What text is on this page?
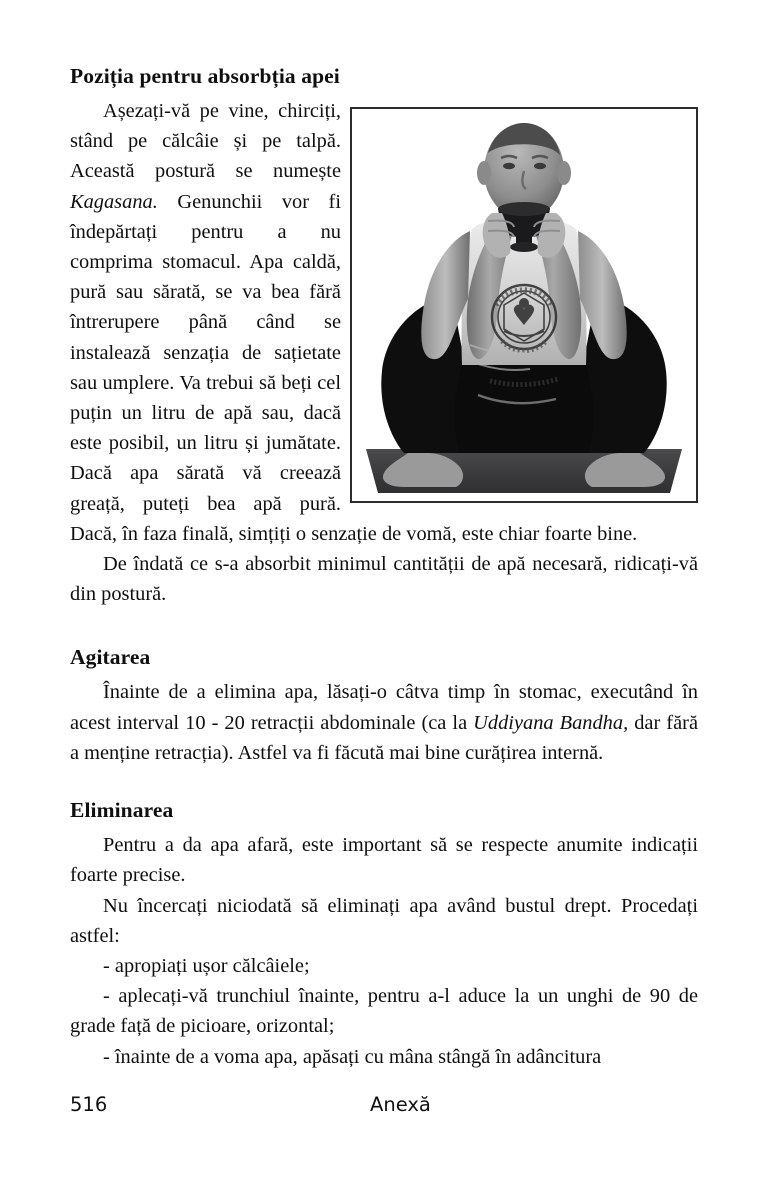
Poziția pentru absorbția apei

Așezați-vă pe vine, chirciți, stând pe călcâie și pe talpă. Această postură se numește Kagasana. Genunchii vor fi îndepărtați pentru a nu comprima stomacul. Apa caldă, pură sau sărată, se va bea fără întrerupere până când se instalează senzația de sațietate sau umplere. Va trebui să beți cel puțin un litru de apă sau, dacă este posibil, un litru și jumătate. Dacă apa sărată vă creează greață, puteți bea apă pură. Dacă, în faza finală, simțiți o senzație de vomă, este chiar foarte bine.

De îndată ce s-a absorbit minimul cantității de apă necesară, ridicați-vă din postură.

Agitarea

Înainte de a elimina apa, lăsați-o câtva timp în stomac, executând în acest interval 10 - 20 retracții abdominale (ca la Uddiyana Bandha, dar fără a menține retracția). Astfel va fi făcută mai bine curățirea internă.

Eliminarea

Pentru a da apa afară, este important să se respecte anumite indicații foarte precise.

Nu încercați niciodată să eliminați apa având bustul drept. Procedați astfel:

- apropiați ușor călcâiele;

- aplecați-vă trunchiul înainte, pentru a-l aduce la un unghi de 90 de grade față de picioare, orizontal;

- înainte de a voma apa, apăsați cu mâna stângă în adâncitura

516	Anexă
